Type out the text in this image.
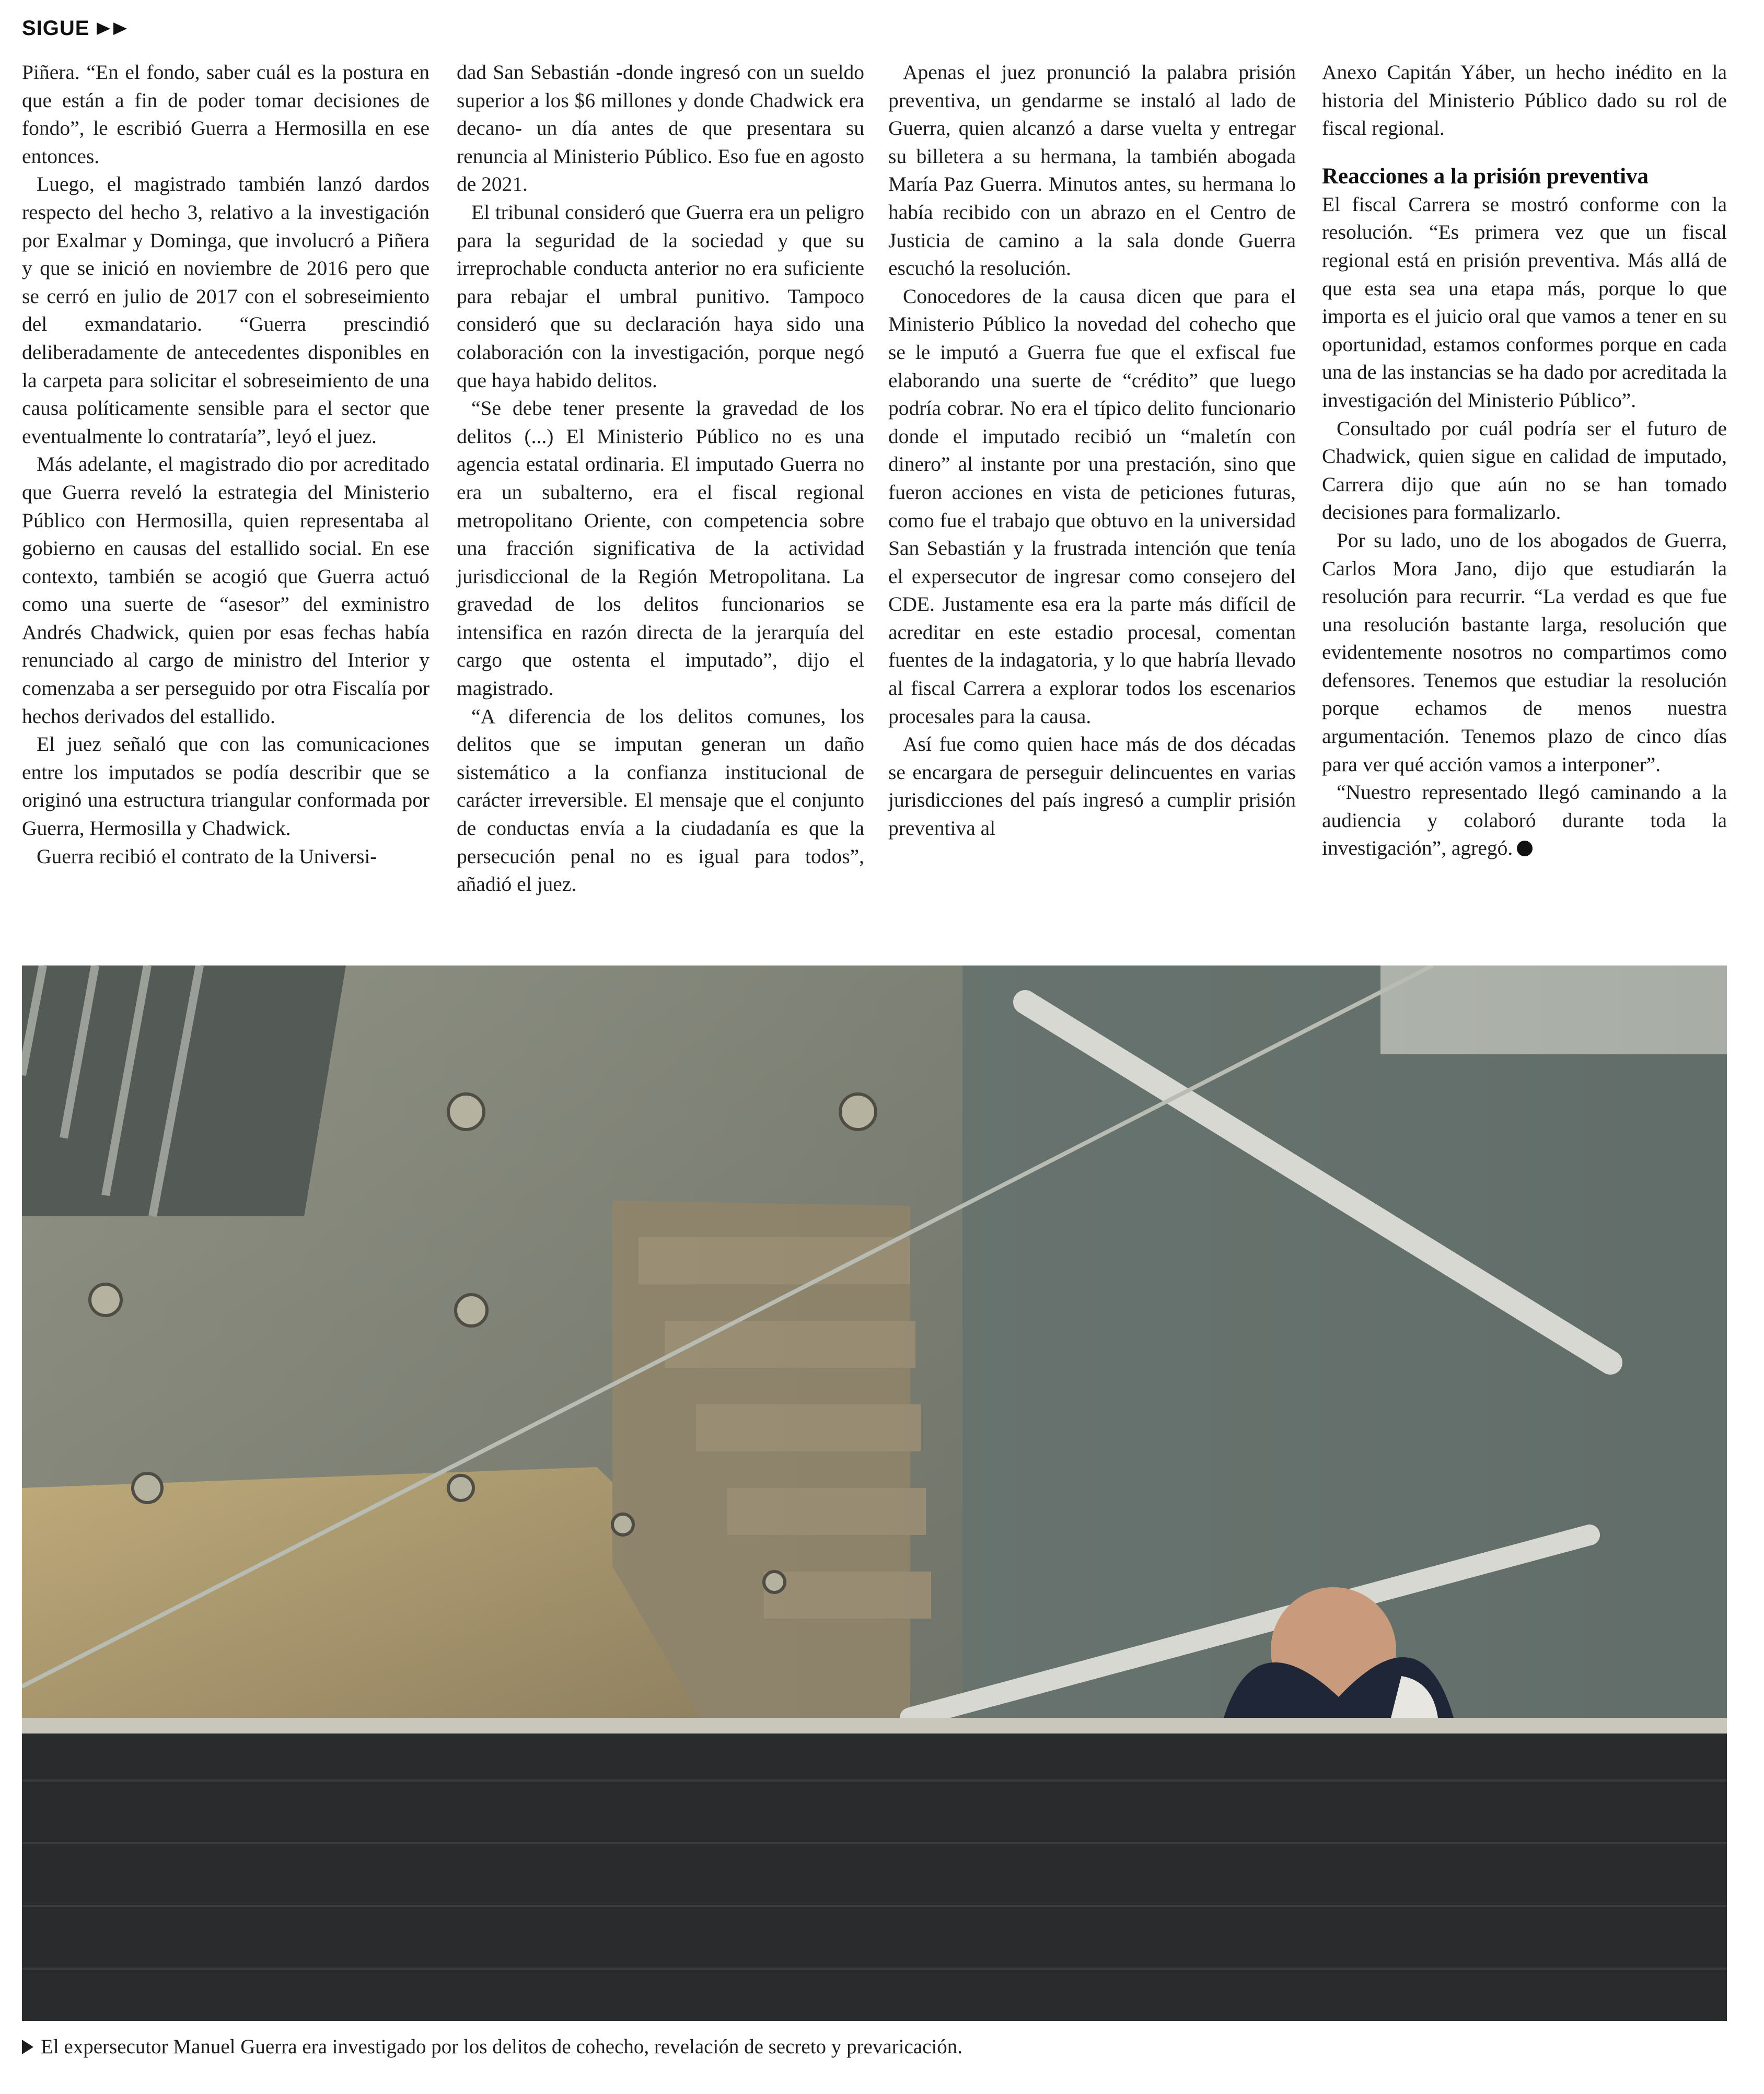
SIGUE

Piñera. “En el fondo, saber cuál es la postura en que están a fin de poder tomar decisiones de fondo”, le escribió Guerra a Hermosilla en ese entonces.

Luego, el magistrado también lanzó dardos respecto del hecho 3, relativo a la investigación por Exalmar y Dominga, que involucró a Piñera y que se inició en noviembre de 2016 pero que se cerró en julio de 2017 con el sobreseimiento del exmandatario. “Guerra prescindió deliberadamente de antecedentes disponibles en la carpeta para solicitar el sobreseimiento de una causa políticamente sensible para el sector que eventualmente lo contrataría”, leyó el juez.

Más adelante, el magistrado dio por acreditado que Guerra reveló la estrategia del Ministerio Público con Hermosilla, quien representaba al gobierno en causas del estallido social. En ese contexto, también se acogió que Guerra actuó como una suerte de “asesor” del exministro Andrés Chadwick, quien por esas fechas había renunciado al cargo de ministro del Interior y comenzaba a ser perseguido por otra Fiscalía por hechos derivados del estallido.

El juez señaló que con las comunicaciones entre los imputados se podía describir que se originó una estructura triangular conformada por Guerra, Hermosilla y Chadwick.

Guerra recibió el contrato de la Universi-

dad San Sebastián -donde ingresó con un sueldo superior a los $6 millones y donde Chadwick era decano- un día antes de que presentara su renuncia al Ministerio Público. Eso fue en agosto de 2021.

El tribunal consideró que Guerra era un peligro para la seguridad de la sociedad y que su irreprochable conducta anterior no era suficiente para rebajar el umbral punitivo. Tampoco consideró que su declaración haya sido una colaboración con la investigación, porque negó que haya habido delitos.

“Se debe tener presente la gravedad de los delitos (...) El Ministerio Público no es una agencia estatal ordinaria. El imputado Guerra no era un subalterno, era el fiscal regional metropolitano Oriente, con competencia sobre una fracción significativa de la actividad jurisdiccional de la Región Metropolitana. La gravedad de los delitos funcionarios se intensifica en razón directa de la jerarquía del cargo que ostenta el imputado”, dijo el magistrado.

“A diferencia de los delitos comunes, los delitos que se imputan generan un daño sistemático a la confianza institucional de carácter irreversible. El mensaje que el conjunto de conductas envía a la ciudadanía es que la persecución penal no es igual para todos”, añadió el juez.

Apenas el juez pronunció la palabra prisión preventiva, un gendarme se instaló al lado de Guerra, quien alcanzó a darse vuelta y entregar su billetera a su hermana, la también abogada María Paz Guerra. Minutos antes, su hermana lo había recibido con un abrazo en el Centro de Justicia de camino a la sala donde Guerra escuchó la resolución.

Conocedores de la causa dicen que para el Ministerio Público la novedad del cohecho que se le imputó a Guerra fue que el exfiscal fue elaborando una suerte de “crédito” que luego podría cobrar. No era el típico delito funcionario donde el imputado recibió un “maletín con dinero” al instante por una prestación, sino que fueron acciones en vista de peticiones futuras, como fue el trabajo que obtuvo en la universidad San Sebastián y la frustrada intención que tenía el expersecutor de ingresar como consejero del CDE. Justamente esa era la parte más difícil de acreditar en este estadio procesal, comentan fuentes de la indagatoria, y lo que habría llevado al fiscal Carrera a explorar todos los escenarios procesales para la causa.

Así fue como quien hace más de dos décadas se encargara de perseguir delincuentes en varias jurisdicciones del país ingresó a cumplir prisión preventiva al

Anexo Capitán Yáber, un hecho inédito en la historia del Ministerio Público dado su rol de fiscal regional.

Reacciones a la prisión preventiva

El fiscal Carrera se mostró conforme con la resolución. “Es primera vez que un fiscal regional está en prisión preventiva. Más allá de que esta sea una etapa más, porque lo que importa es el juicio oral que vamos a tener en su oportunidad, estamos conformes porque en cada una de las instancias se ha dado por acreditada la investigación del Ministerio Público”.

Consultado por cuál podría ser el futuro de Chadwick, quien sigue en calidad de imputado, Carrera dijo que aún no se han tomado decisiones para formalizarlo.

Por su lado, uno de los abogados de Guerra, Carlos Mora Jano, dijo que estudiarán la resolución para recurrir. “La verdad es que fue una resolución bastante larga, resolución que evidentemente nosotros no compartimos como defensores. Tenemos que estudiar la resolución porque echamos de menos nuestra argumentación. Tenemos plazo de cinco días para ver qué acción vamos a interponer”.

“Nuestro representado llegó caminando a la audiencia y colaboró durante toda la investigación”, agregó.

El expersecutor Manuel Guerra era investigado por los delitos de cohecho, revelación de secreto y prevaricación.
